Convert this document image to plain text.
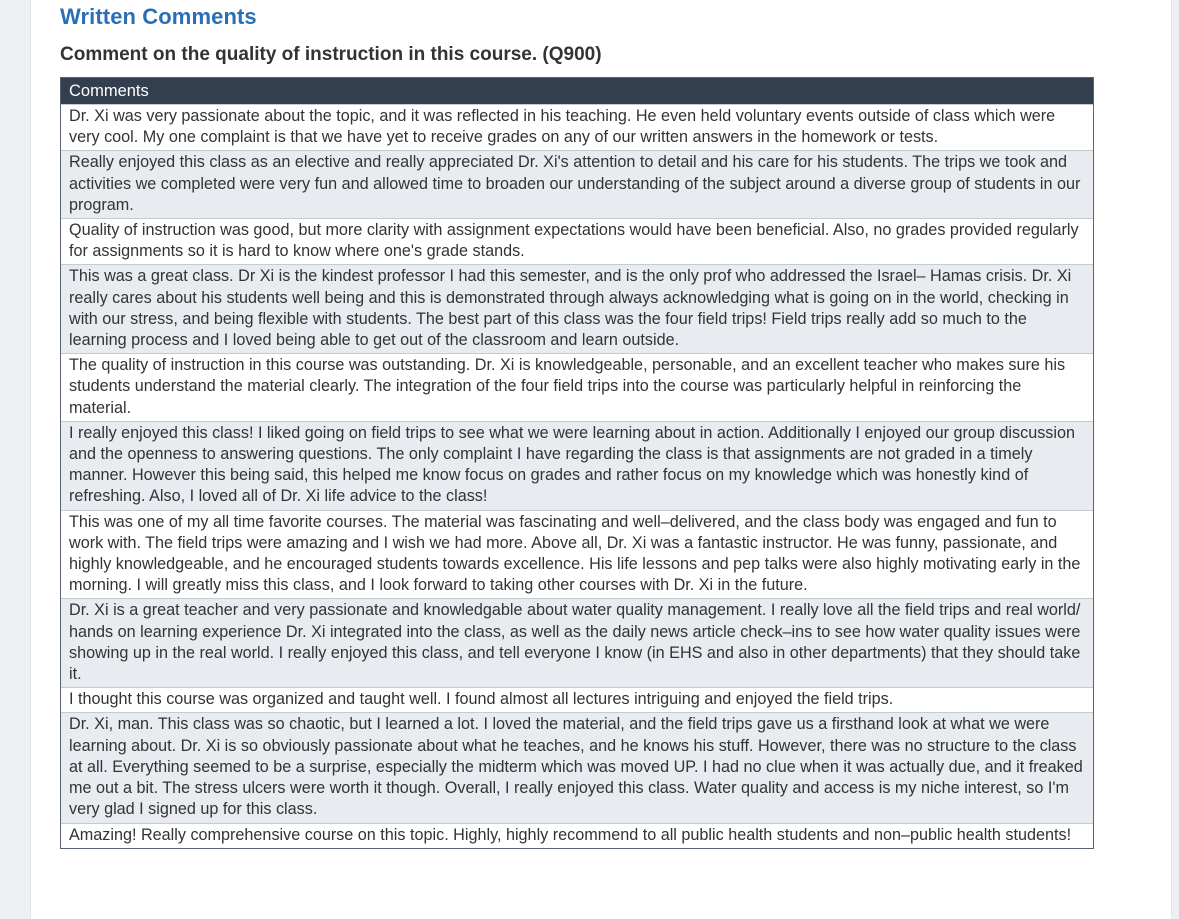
Written Comments
Comment on the quality of instruction in this course. (Q900)
Comments
Dr. Xi was very passionate about the topic, and it was reflected in his teaching. He even held voluntary events outside of class which were very cool. My one complaint is that we have yet to receive grades on any of our written answers in the homework or tests.
Really enjoyed this class as an elective and really appreciated Dr. Xi's attention to detail and his care for his students. The trips we took and activities we completed were very fun and allowed time to broaden our understanding of the subject around a diverse group of students in our program.
Quality of instruction was good, but more clarity with assignment expectations would have been beneficial. Also, no grades provided regularly for assignments so it is hard to know where one's grade stands.
This was a great class. Dr Xi is the kindest professor I had this semester, and is the only prof who addressed the Israel– Hamas crisis. Dr. Xi really cares about his students well being and this is demonstrated through always acknowledging what is going on in the world, checking in with our stress, and being flexible with students. The best part of this class was the four field trips! Field trips really add so much to the learning process and I loved being able to get out of the classroom and learn outside.
The quality of instruction in this course was outstanding. Dr. Xi is knowledgeable, personable, and an excellent teacher who makes sure his students understand the material clearly. The integration of the four field trips into the course was particularly helpful in reinforcing the material.
I really enjoyed this class! I liked going on field trips to see what we were learning about in action. Additionally I enjoyed our group discussion and the openness to answering questions. The only complaint I have regarding the class is that assignments are not graded in a timely manner. However this being said, this helped me know focus on grades and rather focus on my knowledge which was honestly kind of refreshing. Also, I loved all of Dr. Xi life advice to the class!
This was one of my all time favorite courses. The material was fascinating and well–delivered, and the class body was engaged and fun to work with. The field trips were amazing and I wish we had more. Above all, Dr. Xi was a fantastic instructor. He was funny, passionate, and highly knowledgeable, and he encouraged students towards excellence. His life lessons and pep talks were also highly motivating early in the morning. I will greatly miss this class, and I look forward to taking other courses with Dr. Xi in the future.
Dr. Xi is a great teacher and very passionate and knowledgable about water quality management. I really love all the field trips and real world/ hands on learning experience Dr. Xi integrated into the class, as well as the daily news article check–ins to see how water quality issues were showing up in the real world. I really enjoyed this class, and tell everyone I know (in EHS and also in other departments) that they should take it.
I thought this course was organized and taught well. I found almost all lectures intriguing and enjoyed the field trips.
Dr. Xi, man. This class was so chaotic, but I learned a lot. I loved the material, and the field trips gave us a firsthand look at what we were learning about. Dr. Xi is so obviously passionate about what he teaches, and he knows his stuff. However, there was no structure to the class at all. Everything seemed to be a surprise, especially the midterm which was moved UP. I had no clue when it was actually due, and it freaked me out a bit. The stress ulcers were worth it though. Overall, I really enjoyed this class. Water quality and access is my niche interest, so I'm very glad I signed up for this class.
Amazing! Really comprehensive course on this topic. Highly, highly recommend to all public health students and non–public health students!
